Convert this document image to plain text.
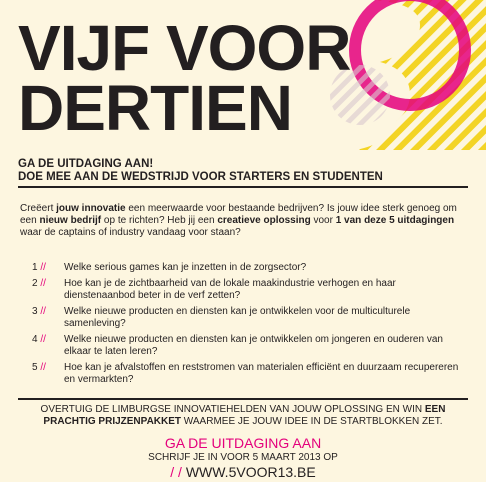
VIJF VOOR
DERTIEN
GA DE UITDAGING AAN!
DOE MEE AAN DE WEDSTRIJD VOOR STARTERS EN STUDENTEN

Creëert jouw innovatie een meerwaarde voor bestaande bedrijven? Is jouw idee sterk genoeg om een nieuw bedrijf op te richten? Heb jij een creatieve oplossing voor 1 van deze 5 uitdagingen waar de captains of industry vandaag voor staan?

1 //	Welke serious games kan je inzetten in de zorgsector?
2 //	Hoe kan je de zichtbaarheid van de lokale maakindustrie verhogen en haar dienstenaanbod beter in de verf zetten?
3 //	Welke nieuwe producten en diensten kan je ontwikkelen voor de multiculturele samenleving?
4 //	Welke nieuwe producten en diensten kan je ontwikkelen om jongeren en ouderen van elkaar te laten leren?
5 //	Hoe kan je afvalstoffen en reststromen van materialen efficiënt en duurzaam recupereren en vermarkten?

OVERTUIG DE LIMBURGSE INNOVATIEHELDEN VAN JOUW OPLOSSING EN WIN EEN PRACHTIG PRIJZENPAKKET WAARMEE JE JOUW IDEE IN DE STARTBLOKKEN ZET.

GA DE UITDAGING AAN
SCHRIJF JE IN VOOR 5 MAART 2013 OP
/ / WWW.5VOOR13.BE
